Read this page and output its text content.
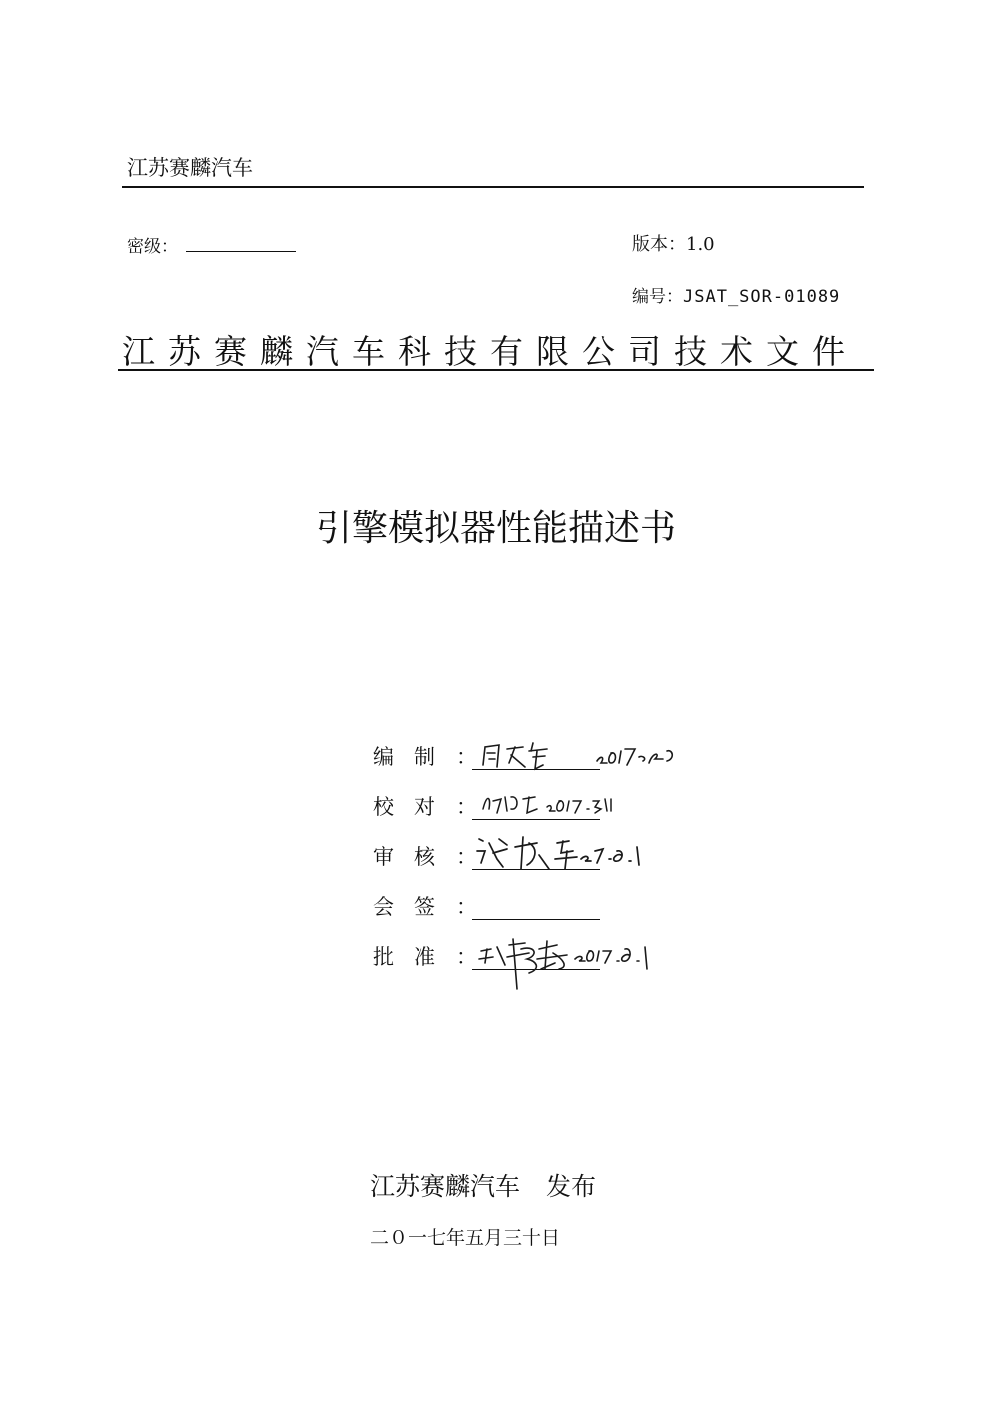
江苏赛麟汽车
密级：	版本：1.0
编号：JSAT_SOR-01089
江苏赛麟汽车科技有限公司技术文件
引擎模拟器性能描述书
编制 ：
校对 ：
审核 ：
会签 ：
批准 ：
江苏赛麟汽车 发布
二０一七年五月三十日
